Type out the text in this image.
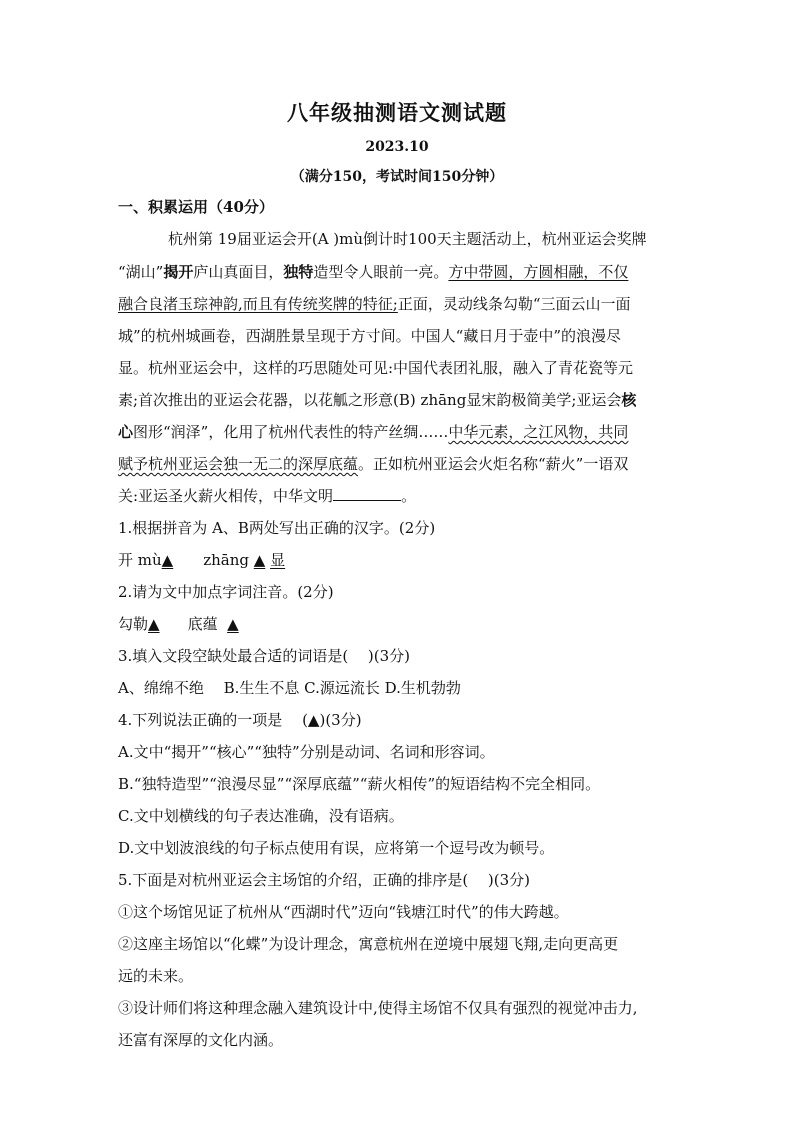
八年级抽测语文测试题
2023.10
（满分150，考试时间150分钟）
一、积累运用（40分）
杭州第 19届亚运会开(A )mù倒计时100天主题活动上，杭州亚运会奖牌
“湖山”揭开庐山真面目，独特造型令人眼前一亮。方中带圆，方圆相融，不仅
融合良渚玉琮神韵,而且有传统奖牌的特征;正面，灵动线条勾勒“三面云山一面
城”的杭州城画卷，西湖胜景呈现于方寸间。中国人“藏日月于壶中”的浪漫尽
显。杭州亚运会中，这样的巧思随处可见:中国代表团礼服，融入了青花瓷等元
素;首次推出的亚运会花器，以花觚之形意(B) zhāng显宋韵极简美学;亚运会核
心图形“润泽”，化用了杭州代表性的特产丝绸……中华元素，之江风物，共同
赋予杭州亚运会独一无二的深厚底蕴。正如杭州亚运会火炬名称“薪火”一语双
关:亚运圣火薪火相传，中华文明	。
1.根据拼音为 A、B两处写出正确的汉字。(2分)
开 mù▲ zhāng ▲ 显
2.请为文中加点字词注音。(2分)
勾勒▲ 底蕴 ▲
3.填入文段空缺处最合适的词语是(　 )(3分)
A、绵绵不绝　 B.生生不息 C.源远流长 D.生机勃勃
4.下列说法正确的一项是　 (▲)(3分)
A.文中“揭开”“核心”“独特”分别是动词、名词和形容词。
B.“独特造型”“浪漫尽显”“深厚底蕴”“薪火相传”的短语结构不完全相同。
C.文中划横线的句子表达准确，没有语病。
D.文中划波浪线的句子标点使用有误，应将第一个逗号改为顿号。
5.下面是对杭州亚运会主场馆的介绍，正确的排序是(　 )(3分)
①这个场馆见证了杭州从“西湖时代”迈向“钱塘江时代”的伟大跨越。
②这座主场馆以“化蝶”为设计理念，寓意杭州在逆境中展翅飞翔,走向更高更
远的未来。
③设计师们将这种理念融入建筑设计中,使得主场馆不仅具有强烈的视觉冲击力,
还富有深厚的文化内涵。
